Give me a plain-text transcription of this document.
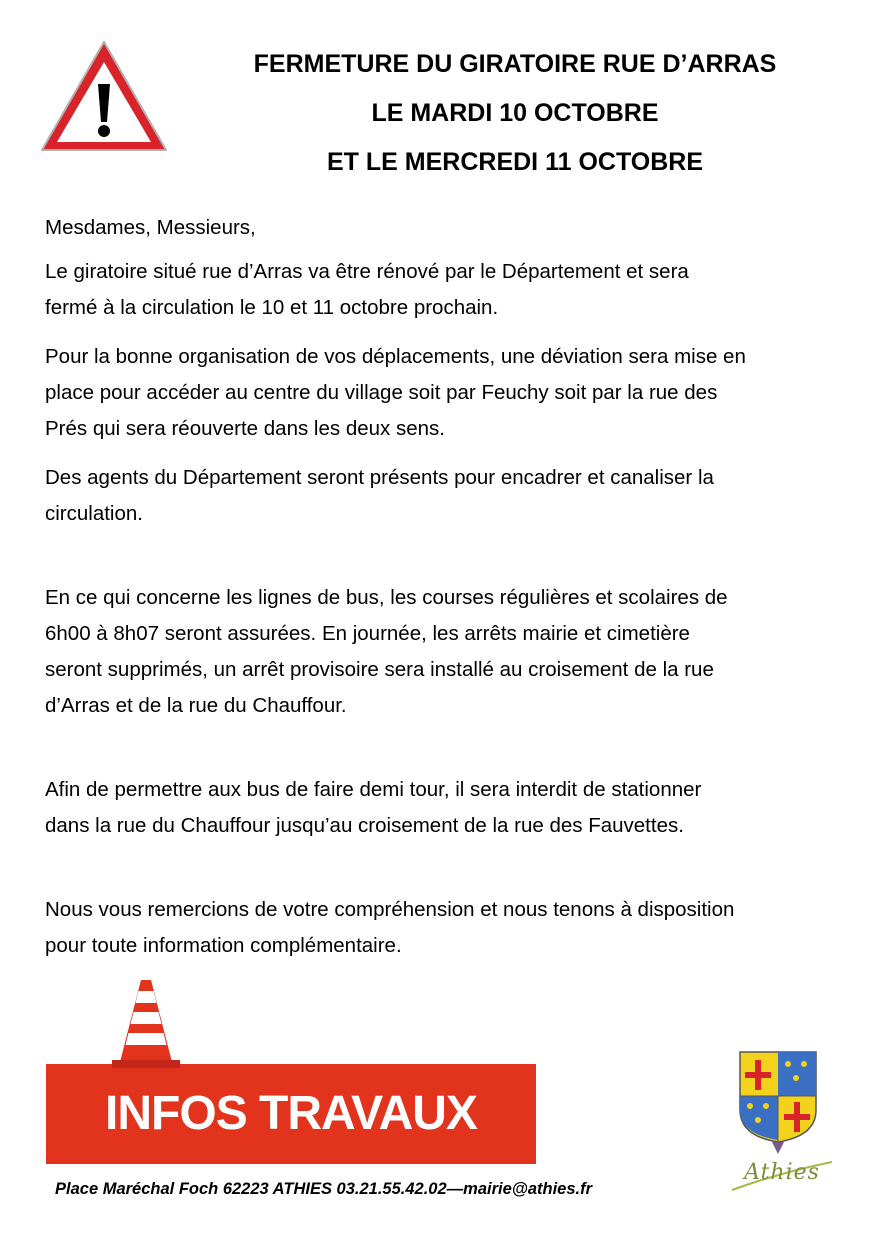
FERMETURE DU GIRATOIRE RUE D’ARRAS
LE MARDI 10 OCTOBRE
ET LE MERCREDI 11 OCTOBRE

Mesdames, Messieurs,

Le giratoire situé rue d’Arras va être rénové par le Département et sera

fermé à la circulation le 10 et 11 octobre prochain.

Pour la bonne organisation de vos déplacements, une déviation sera mise en

place pour accéder au centre du village soit par Feuchy soit par la rue des

Prés qui sera réouverte dans les deux sens.

Des agents du Département seront présents pour encadrer et canaliser la

circulation.

En ce qui concerne les lignes de bus, les courses régulières et scolaires de

6h00 à 8h07 seront assurées. En journée, les arrêts mairie et cimetière

seront supprimés, un arrêt provisoire sera installé au croisement de la rue

d’Arras et de la rue du Chauffour.

Afin de permettre aux bus de faire demi tour, il sera interdit de stationner

dans la rue du Chauffour jusqu’au croisement de la rue des Fauvettes.

Nous vous remercions de votre compréhension et nous tenons à disposition

pour toute information complémentaire.

INFOS TRAVAUX
Place Maréchal Foch 62223 ATHIES 03.21.55.42.02—mairie@athies.fr
Athies
